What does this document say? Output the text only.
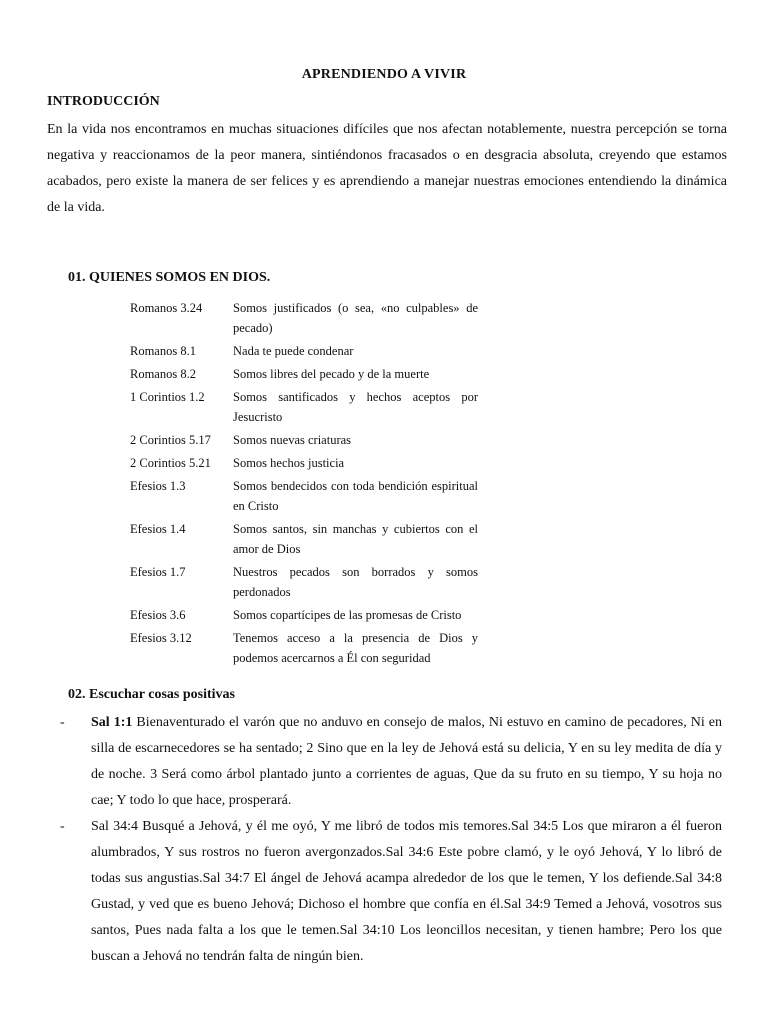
APRENDIENDO A VIVIR
INTRODUCCIÓN
En la vida nos encontramos en muchas situaciones difíciles que nos afectan notablemente, nuestra percepción se torna negativa y reaccionamos de la peor manera, sintiéndonos fracasados o en desgracia absoluta, creyendo que estamos acabados, pero existe la manera de ser felices y es aprendiendo a manejar nuestras emociones entendiendo la dinámica de la vida.
01. QUIENES SOMOS EN DIOS.
Romanos 3.24	Somos justificados (o sea, «no culpables» de pecado)
Romanos 8.1	Nada te puede condenar
Romanos 8.2	Somos libres del pecado y de la muerte
1 Corintios 1.2	Somos santificados y hechos aceptos por Jesucristo
2 Corintios 5.17	Somos nuevas criaturas
2 Corintios 5.21	Somos hechos justicia
Efesios 1.3	Somos bendecidos con toda bendición espiritual en Cristo
Efesios 1.4	Somos santos, sin manchas y cubiertos con el amor de Dios
Efesios 1.7	Nuestros pecados son borrados y somos perdonados
Efesios 3.6	Somos copartícipes de las promesas de Cristo
Efesios 3.12	Tenemos acceso a la presencia de Dios y podemos acercarnos a Él con seguridad
02. Escuchar cosas positivas
- Sal 1:1 Bienaventurado el varón que no anduvo en consejo de malos, Ni estuvo en camino de pecadores, Ni en silla de escarnecedores se ha sentado; 2 Sino que en la ley de Jehová está su delicia, Y en su ley medita de día y de noche. 3 Será como árbol plantado junto a corrientes de aguas, Que da su fruto en su tiempo, Y su hoja no cae; Y todo lo que hace, prosperará.
- Sal 34:4 Busqué a Jehová, y él me oyó, Y me libró de todos mis temores.Sal 34:5 Los que miraron a él fueron alumbrados, Y sus rostros no fueron avergonzados.Sal 34:6 Este pobre clamó, y le oyó Jehová, Y lo libró de todas sus angustias.Sal 34:7 El ángel de Jehová acampa alrededor de los que le temen, Y los defiende.Sal 34:8 Gustad, y ved que es bueno Jehová; Dichoso el hombre que confía en él.Sal 34:9 Temed a Jehová, vosotros sus santos, Pues nada falta a los que le temen.Sal 34:10 Los leoncillos necesitan, y tienen hambre; Pero los que buscan a Jehová no tendrán falta de ningún bien.
